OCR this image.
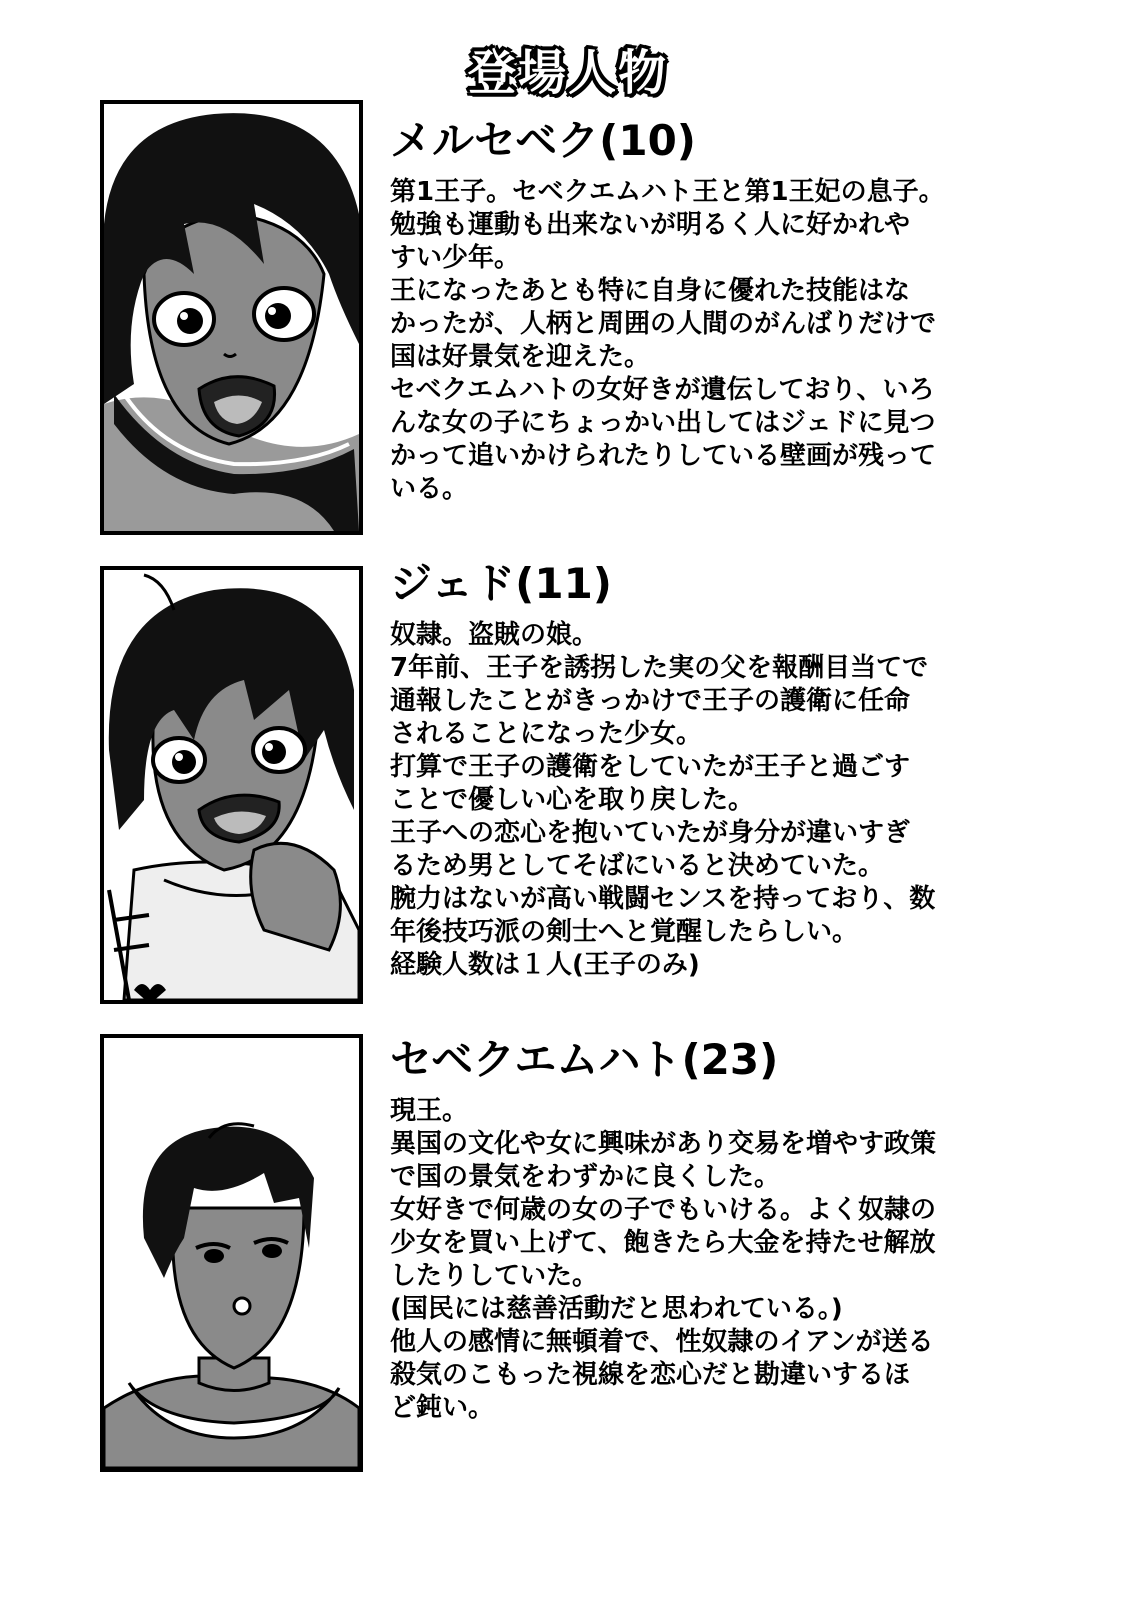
登場人物
メルセベク(10)
第1王子。セベクエムハト王と第1王妃の息子。
勉強も運動も出来ないが明るく人に好かれや
すい少年。
王になったあとも特に自身に優れた技能はな
かったが、人柄と周囲の人間のがんばりだけで
国は好景気を迎えた。
セベクエムハトの女好きが遺伝しており、いろ
んな女の子にちょっかい出してはジェドに見つ
かって追いかけられたりしている壁画が残って
いる。
ジェド(11)
奴隷。盗賊の娘。
7年前、王子を誘拐した実の父を報酬目当てで
通報したことがきっかけで王子の護衛に任命
されることになった少女。
打算で王子の護衛をしていたが王子と過ごす
ことで優しい心を取り戻した。
王子への恋心を抱いていたが身分が違いすぎ
るため男としてそばにいると決めていた。
腕力はないが高い戦闘センスを持っており、数
年後技巧派の剣士へと覚醒したらしい。
経験人数は１人(王子のみ)
セベクエムハト(23)
現王。
異国の文化や女に興味があり交易を増やす政策
で国の景気をわずかに良くした。
女好きで何歳の女の子でもいける。よく奴隷の
少女を買い上げて、飽きたら大金を持たせ解放
したりしていた。
(国民には慈善活動だと思われている。)
他人の感情に無頓着で、性奴隷のイアンが送る
殺気のこもった視線を恋心だと勘違いするほ
ど鈍い。
